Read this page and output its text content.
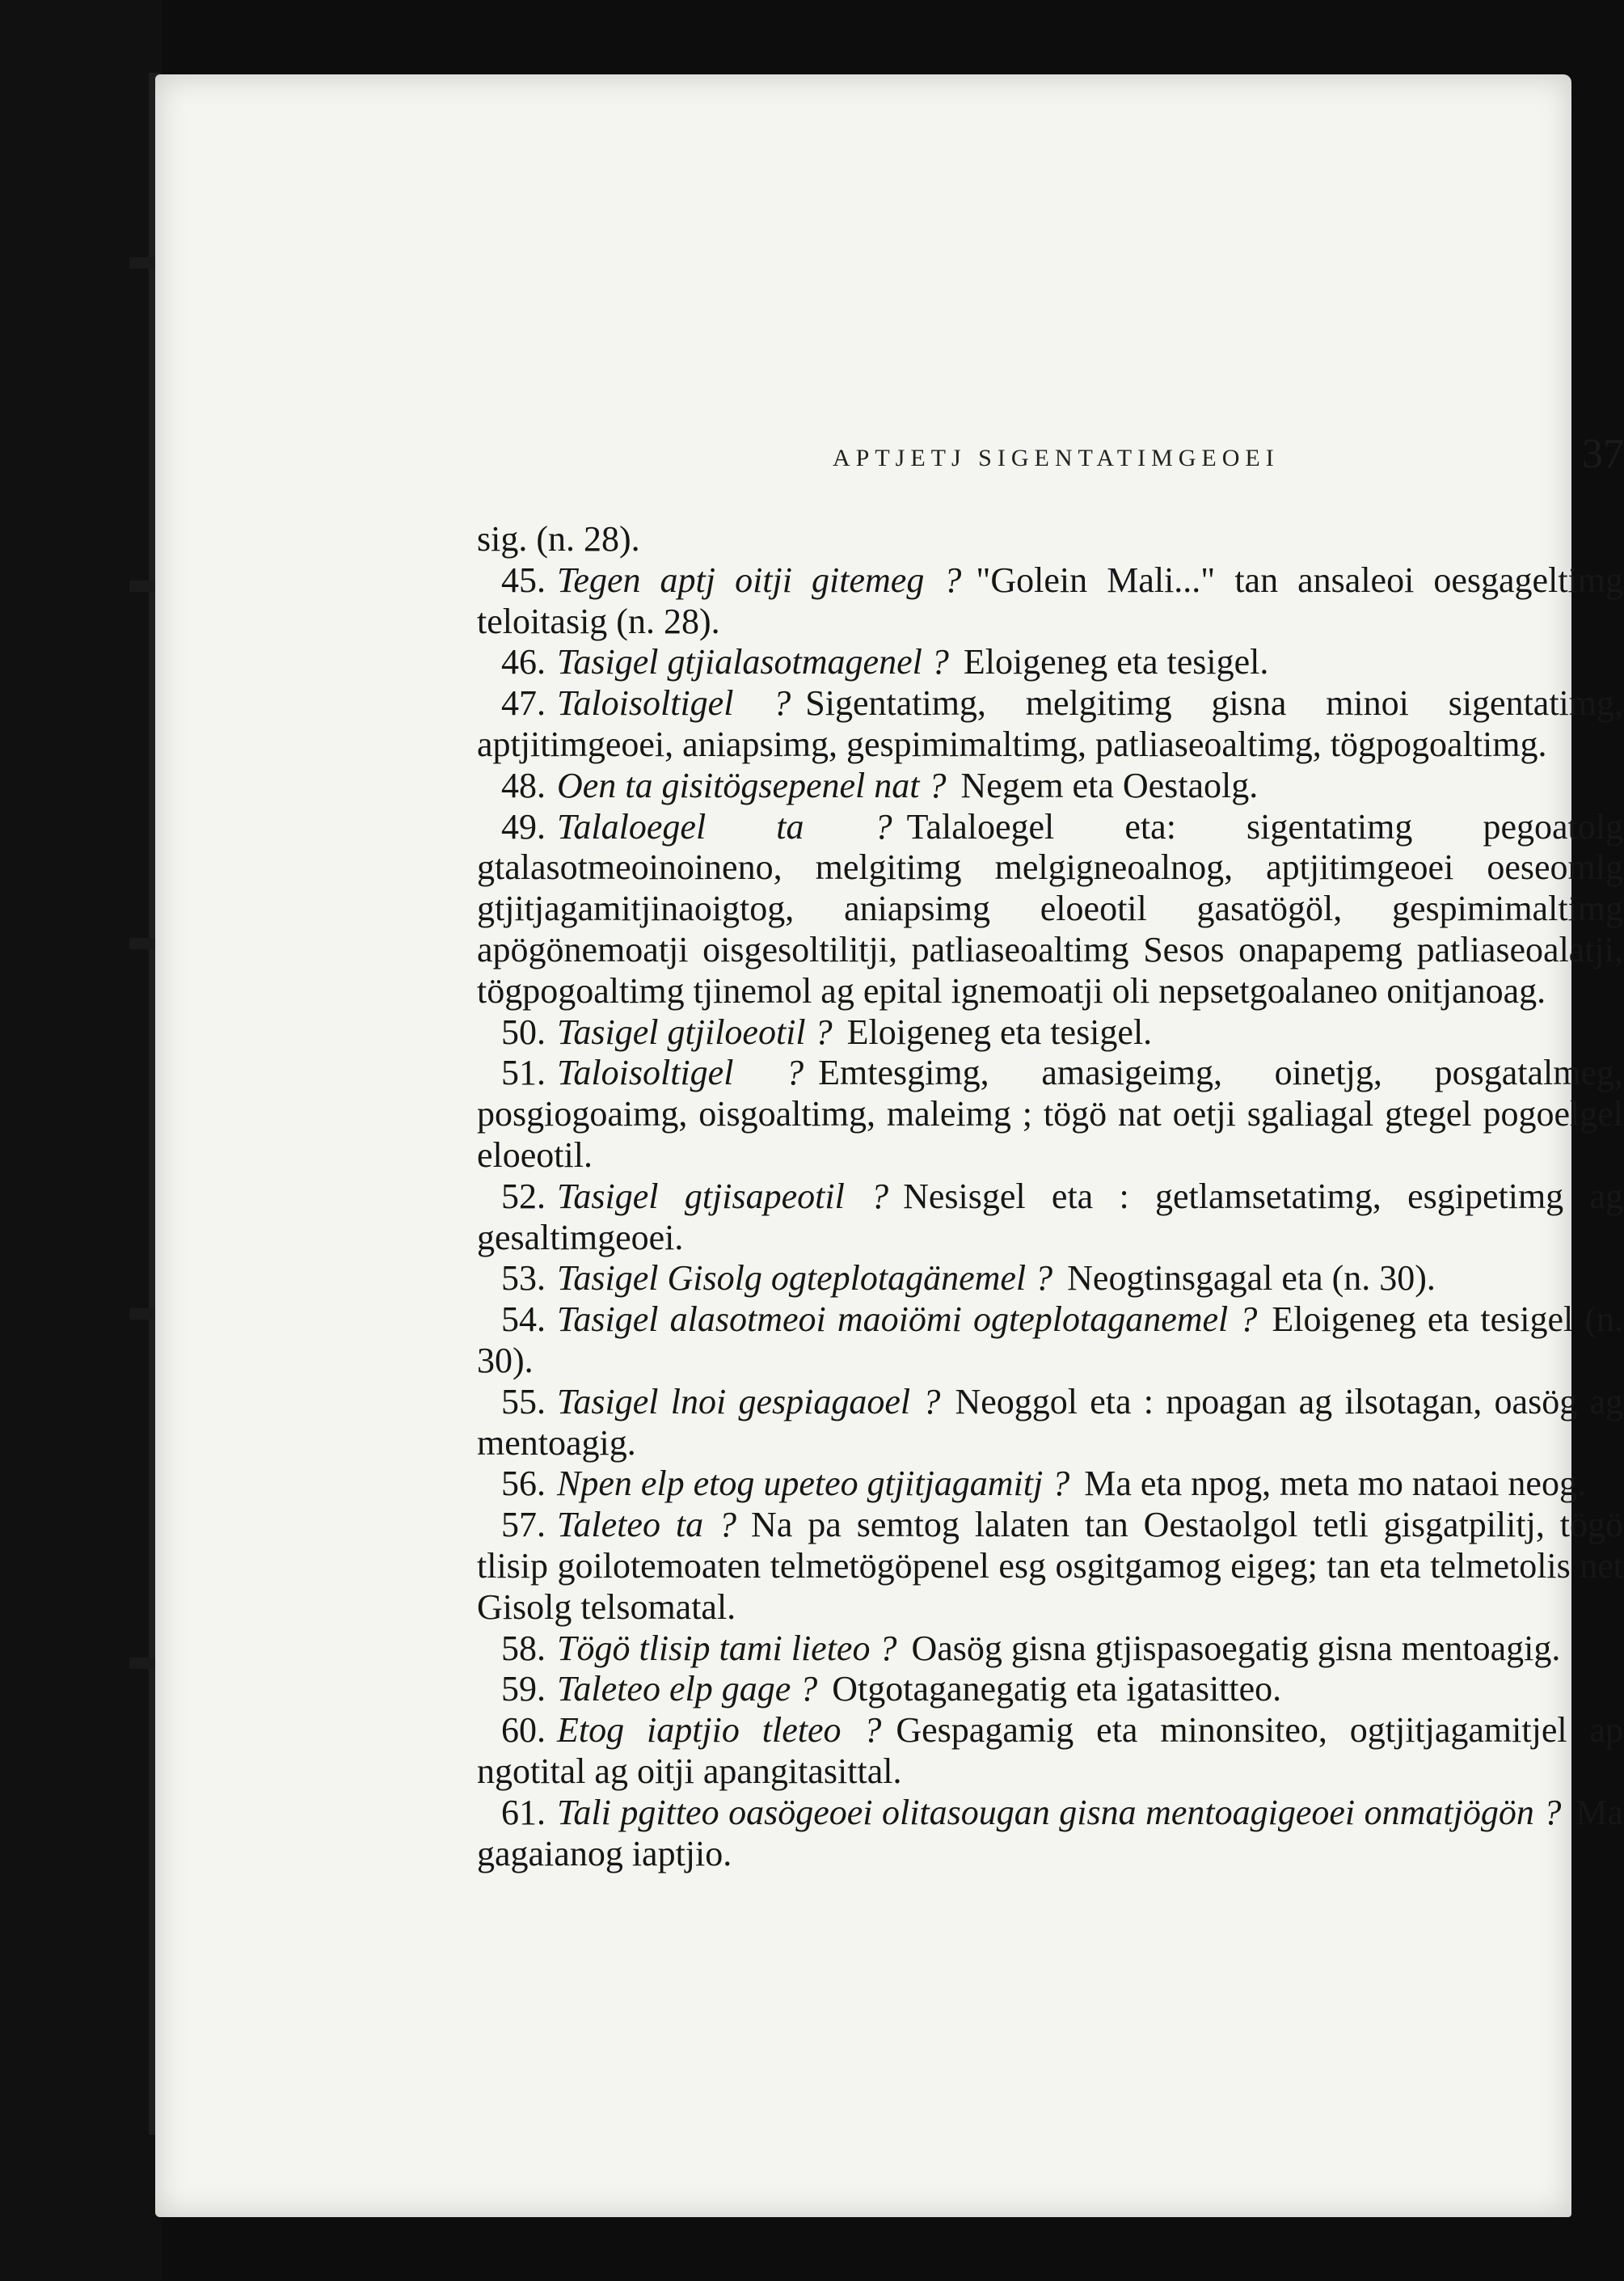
APTJETJ SIGENTATIMGEOEI	37

sig. (n. 28).

45. Tegen aptj oitji gitemeg ? "Golein Mali..." tan ansaleoi oesgageltimg teloitasig (n. 28).

46. Tasigel gtjialasotmagenel ? Eloigeneg eta tesigel.

47. Taloisoltigel ? Sigentatimg, melgitimg gisna minoi sigentatimg, aptjitimgeoei, aniapsimg, gespimimaltimg, patliaseoaltimg, tögpogoaltimg.

48. Oen ta gisitögsepenel nat ? Negem eta Oestaolg.

49. Talaloegel ta ? Talaloegel eta: sigentatimg pegoatolg gtalasotmeoinoineno, melgitimg melgigneoalnog, aptjitimgeoei oeseomlg gtjitjagamitjinaoigtog, aniapsimg eloeotil gasatögöl, gespimimaltimg apögönemoatji oisgesoltilitji, patliaseoaltimg Sesos onapapemg patliaseoalatji, tögpogoaltimg tjinemol ag epital ignemoatji oli nepsetgoalaneo onitjanoag.

50. Tasigel gtjiloeotil ? Eloigeneg eta tesigel.

51. Taloisoltigel ? Emtesgimg, amasigeimg, oinetjg, posgatalmeg, posgiogoaimg, oisgoaltimg, maleimg ; tögö nat oetji sgaliagal gtegel pogoelgel eloeotil.

52. Tasigel gtjisapeotil ? Nesisgel eta : getlamsetatimg, esgipetimg ag gesaltimgeoei.

53. Tasigel Gisolg ogteplotagänemel ? Neogtinsgagal eta (n. 30).

54. Tasigel alasotmeoi maoiömi ogteplotaganemel ? Eloigeneg eta tesigel (n. 30).

55. Tasigel lnoi gespiagaoel ? Neoggol eta : npoagan ag ilsotagan, oasög ag mentoagig.

56. Npen elp etog upeteo gtjitjagamitj ? Ma eta npog, meta mo nataoi neog.

57. Taleteo ta ? Na pa semtog lalaten tan Oestaolgol tetli gisgatpilitj, tögö tlisip goilotemoaten telmetögöpenel esg osgitgamog eigeg; tan eta telmetolis net Gisolg telsomatal.

58. Tögö tlisip tami lieteo ? Oasög gisna gtjispasoegatig gisna mentoagig.

59. Taleteo elp gage ? Otgotaganegatig eta igatasitteo.

60. Etog iaptjio tleteo ? Gespagamig eta minonsiteo, ogtjitjagamitjel ap ngotital ag oitji apangitasittal.

61. Tali pgitteo oasögeoei olitasougan gisna mentoagigeoei onmatjögön ? Ma gagaianog iaptjio.
